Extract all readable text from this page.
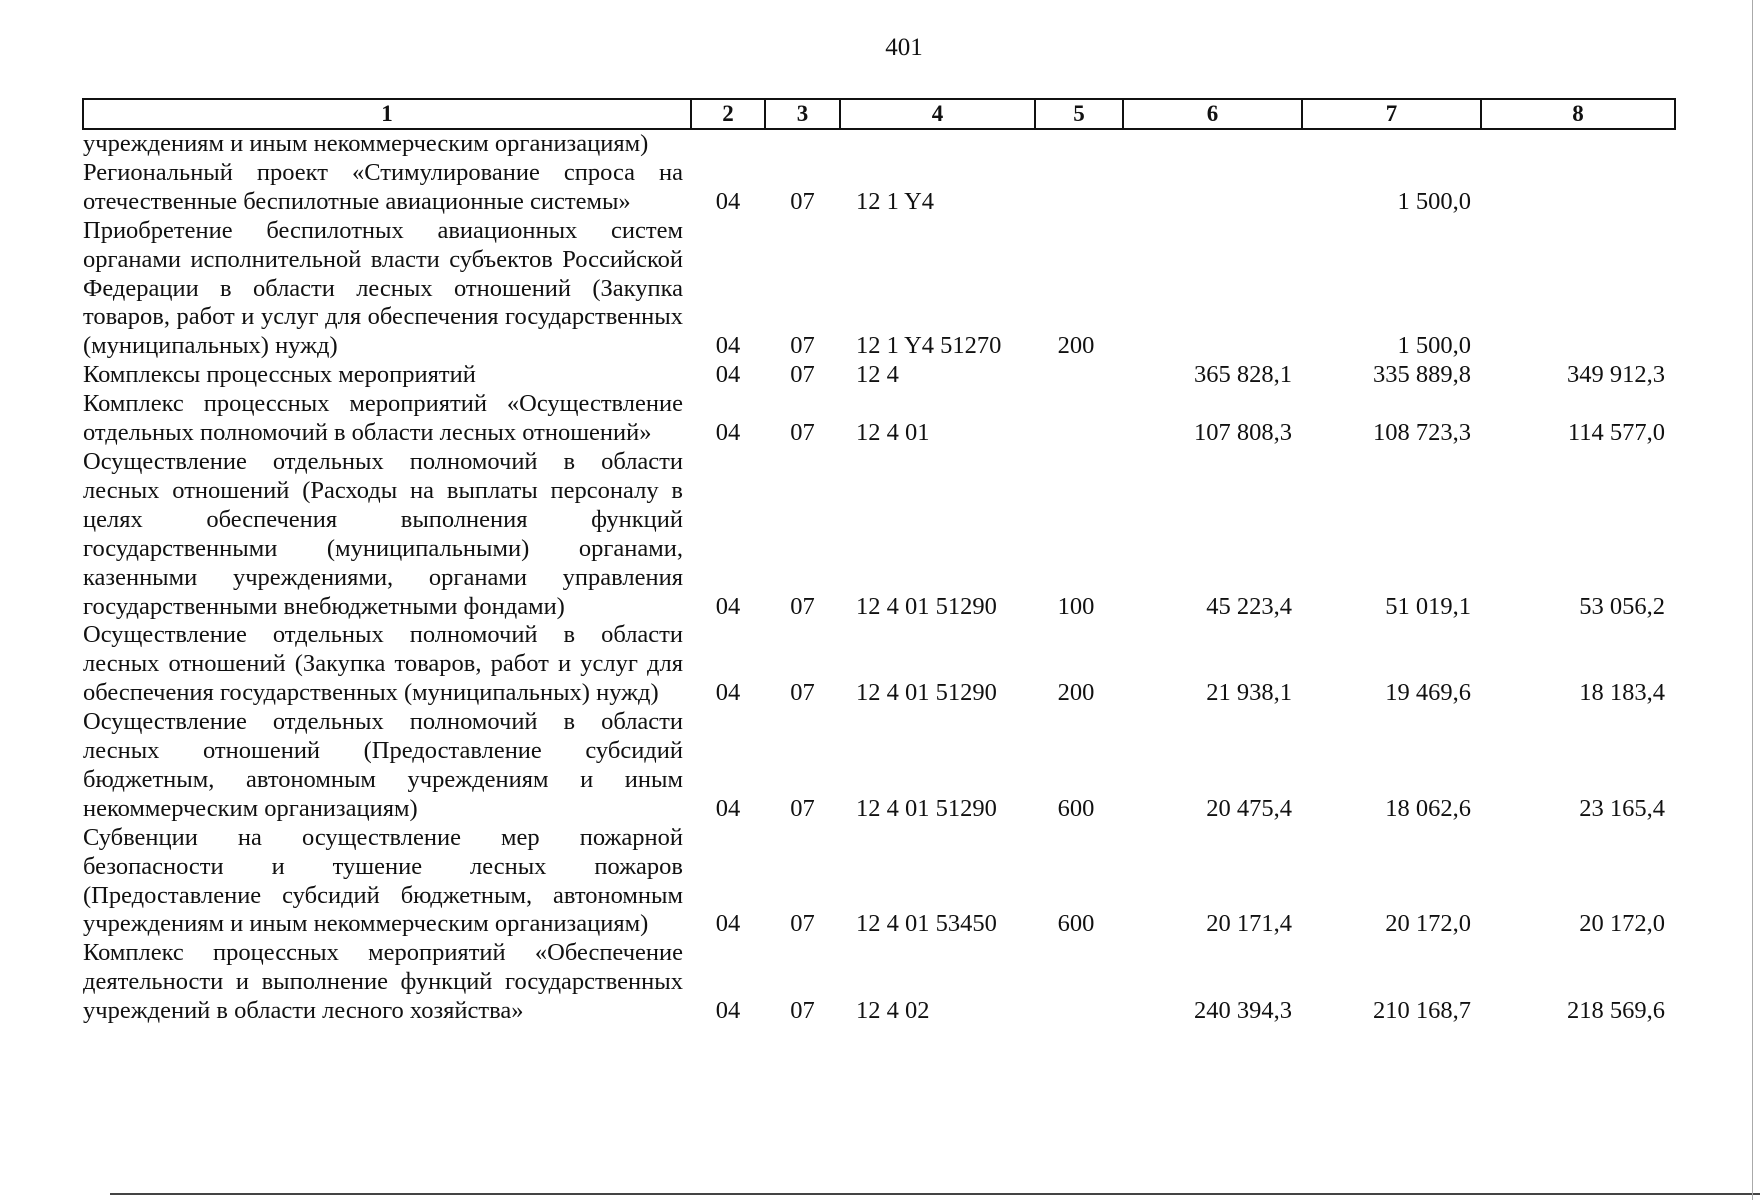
401
1	2	3	4	5	6	7	8
учреждениям и иным некоммерческим организациям)							
Региональный проект «Стимулирование спроса на отечественные беспилотные авиационные системы»	04	07	12 1 Y4			1 500,0	
Приобретение беспилотных авиационных систем органами исполнительной власти субъектов Российской Федерации в области лесных отношений (Закупка товаров, работ и услуг для обеспечения государственных (муниципальных) нужд)	04	07	12 1 Y4 51270	200		1 500,0	
Комплексы процессных мероприятий	04	07	12 4		365 828,1	335 889,8	349 912,3
Комплекс процессных мероприятий «Осуществление отдельных полномочий в области лесных отношений»	04	07	12 4 01		107 808,3	108 723,3	114 577,0
Осуществление отдельных полномочий в области лесных отношений (Расходы на выплаты персоналу в целях обеспечения выполнения функций государственными (муниципальными) органами, казенными учреждениями, органами управления государственными внебюджетными фондами)	04	07	12 4 01 51290	100	45 223,4	51 019,1	53 056,2
Осуществление отдельных полномочий в области лесных отношений (Закупка товаров, работ и услуг для обеспечения государственных (муниципальных) нужд)	04	07	12 4 01 51290	200	21 938,1	19 469,6	18 183,4
Осуществление отдельных полномочий в области лесных отношений (Предоставление субсидий бюджетным, автономным учреждениям и иным некоммерческим организациям)	04	07	12 4 01 51290	600	20 475,4	18 062,6	23 165,4
Субвенции на осуществление мер пожарной безопасности и тушение лесных пожаров (Предоставление субсидий бюджетным, автономным учреждениям и иным некоммерческим организациям)	04	07	12 4 01 53450	600	20 171,4	20 172,0	20 172,0
Комплекс процессных мероприятий «Обеспечение деятельности и выполнение функций государственных учреждений в области лесного хозяйства»	04	07	12 4 02		240 394,3	210 168,7	218 569,6
